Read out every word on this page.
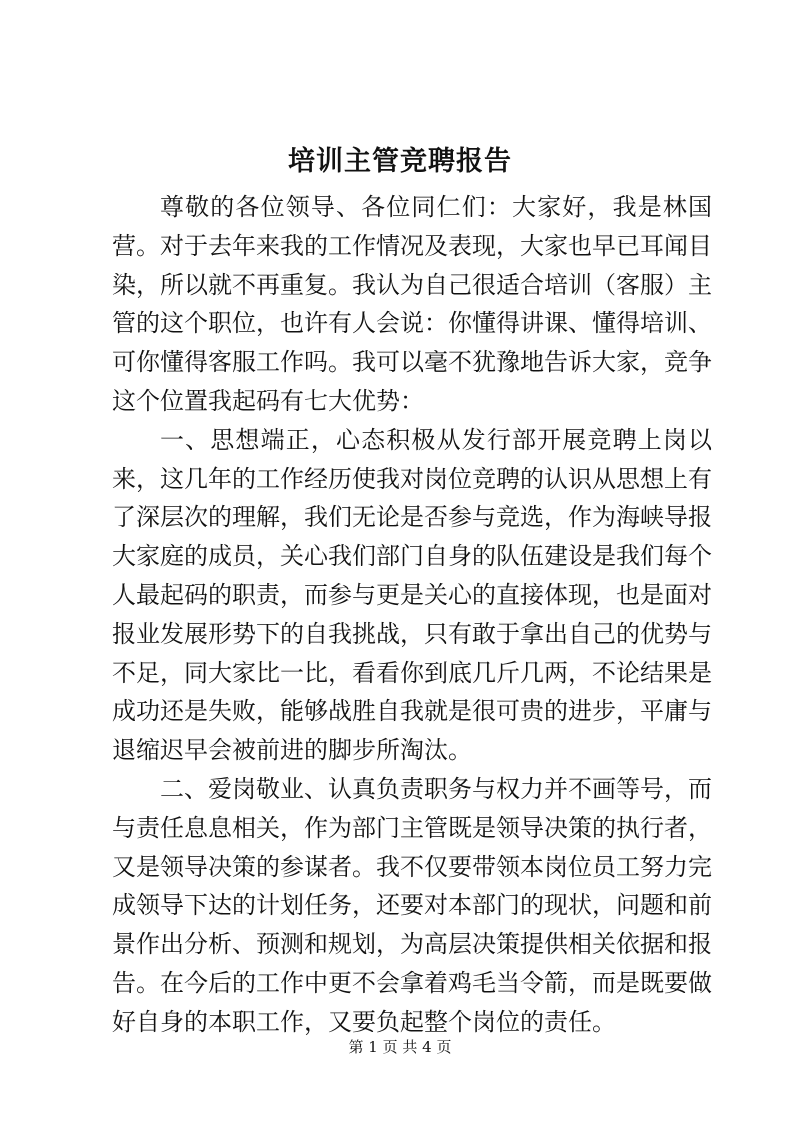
培训主管竞聘报告

尊敬的各位领导、各位同仁们：大家好，我是林国营。对于去年来我的工作情况及表现，大家也早已耳闻目染，所以就不再重复。我认为自己很适合培训（客服）主管的这个职位，也许有人会说：你懂得讲课、懂得培训、可你懂得客服工作吗。我可以毫不犹豫地告诉大家，竞争这个位置我起码有七大优势：

一、思想端正，心态积极从发行部开展竞聘上岗以来，这几年的工作经历使我对岗位竞聘的认识从思想上有了深层次的理解，我们无论是否参与竞选，作为海峡导报大家庭的成员，关心我们部门自身的队伍建设是我们每个人最起码的职责，而参与更是关心的直接体现，也是面对报业发展形势下的自我挑战，只有敢于拿出自己的优势与不足，同大家比一比，看看你到底几斤几两，不论结果是成功还是失败，能够战胜自我就是很可贵的进步，平庸与退缩迟早会被前进的脚步所淘汰。

二、爱岗敬业、认真负责职务与权力并不画等号，而与责任息息相关，作为部门主管既是领导决策的执行者，又是领导决策的参谋者。我不仅要带领本岗位员工努力完成领导下达的计划任务，还要对本部门的现状，问题和前景作出分析、预测和规划，为高层决策提供相关依据和报告。在今后的工作中更不会拿着鸡毛当令箭，而是既要做好自身的本职工作，又要负起整个岗位的责任。

第 1 页 共 4 页
